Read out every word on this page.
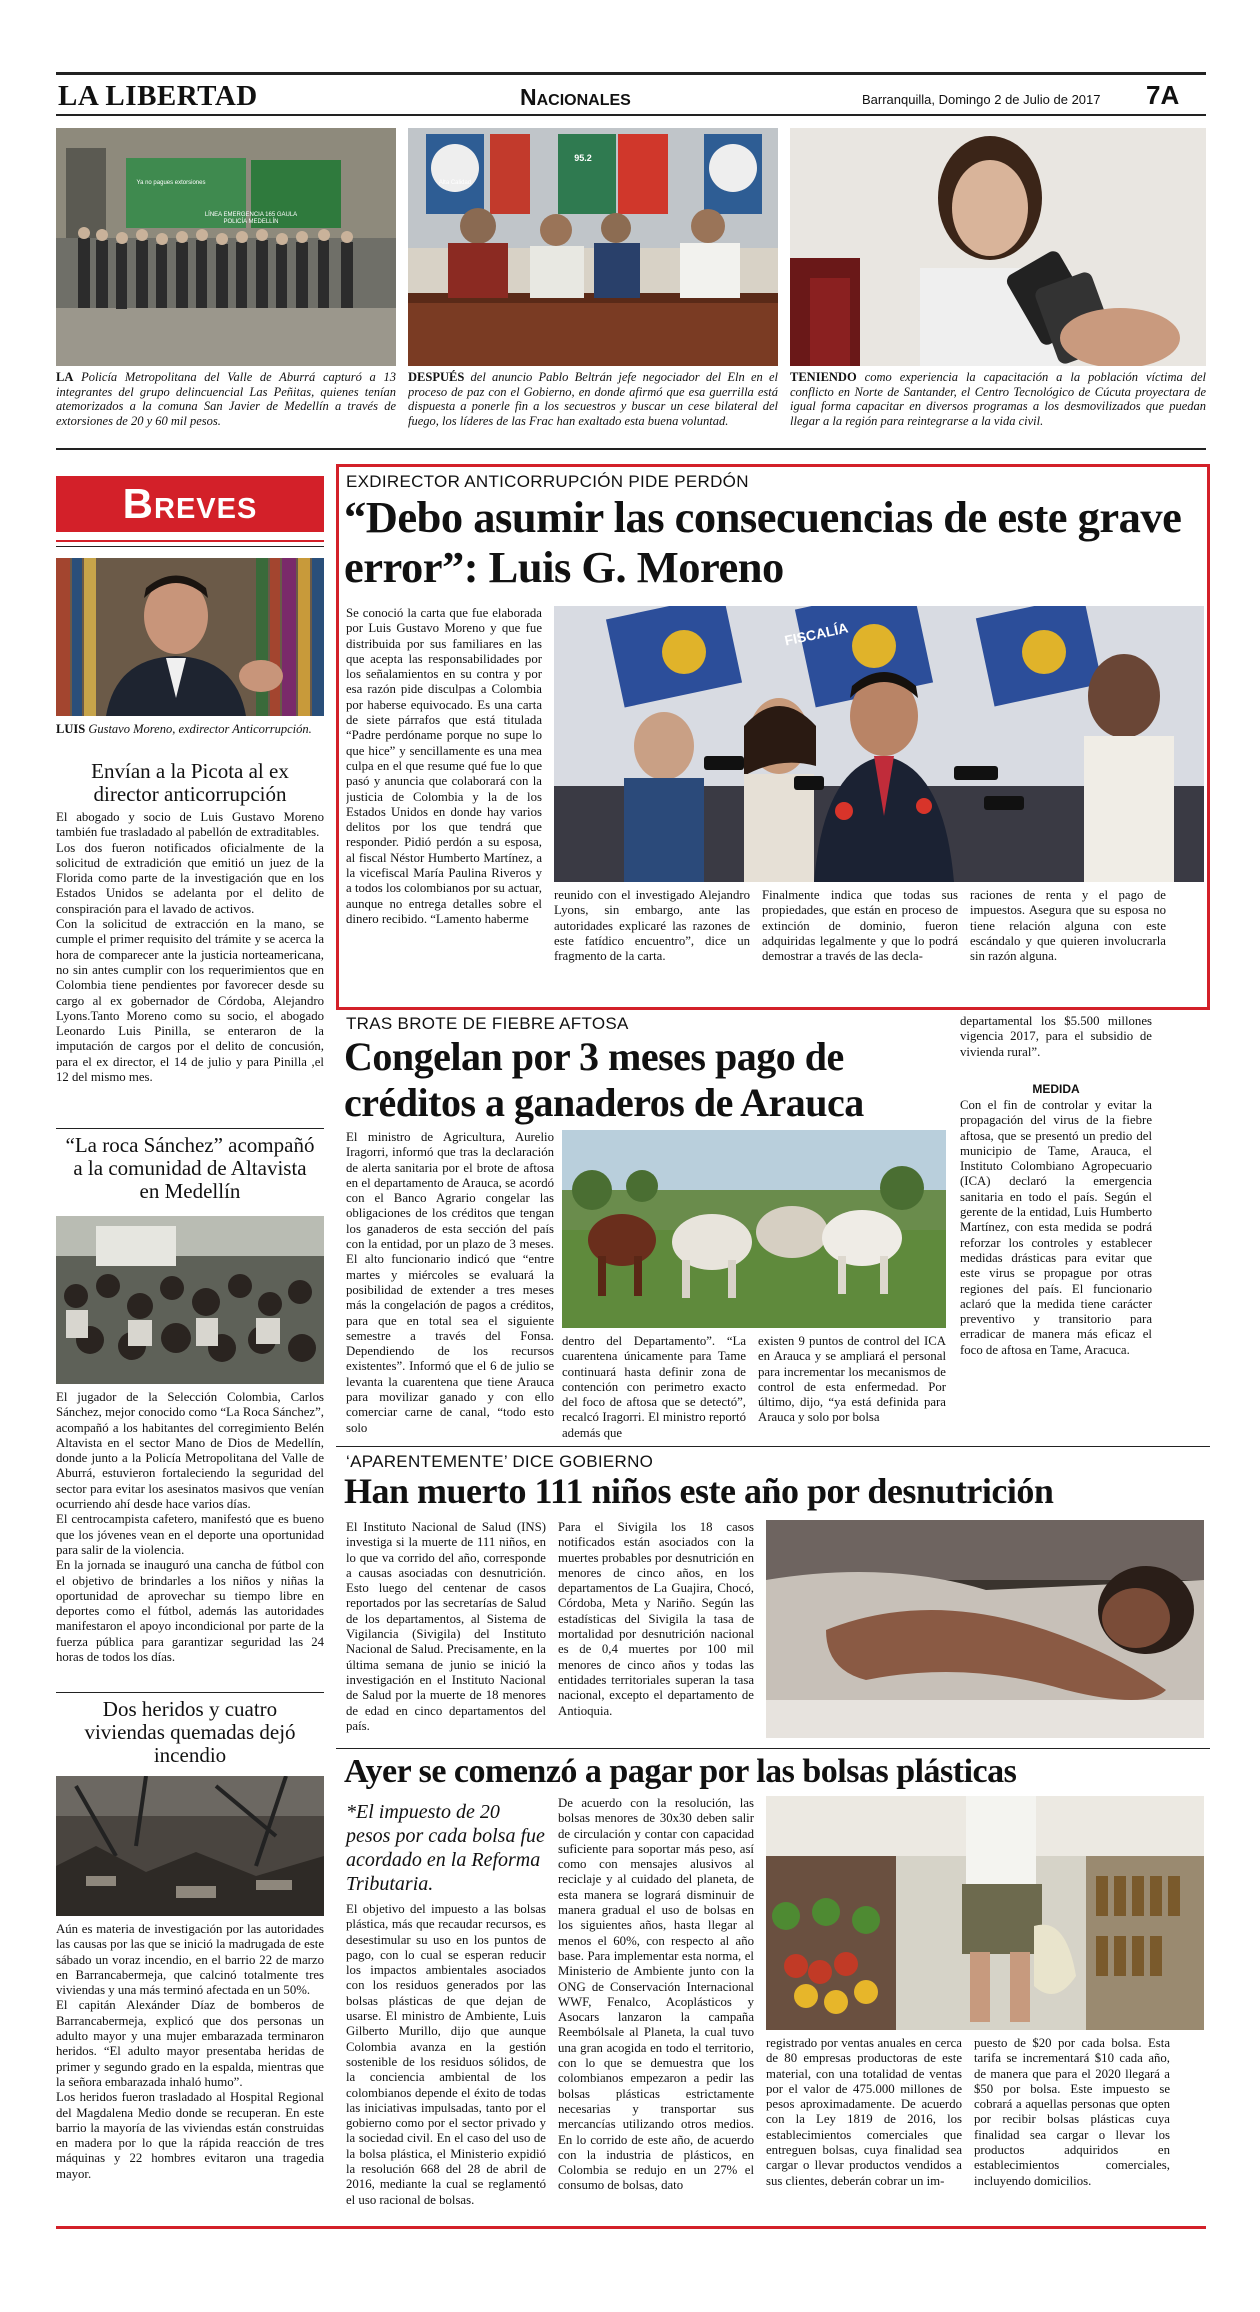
LA LIBERTAD	Nacionales	Barranquilla, Domingo 2 de Julio de 2017 7A
LÍNEA EMERGENCIA 165 GAULA POLICÍA MEDELLÍN
Ya no pagues extorsiones
LA Policía Metropolitana del Valle de Aburrá capturó a 13 integrantes del grupo delincuencial Las Peñitas, quienes tenían atemorizados a la comuna San Javier de Medellín a través de extorsiones de 20 y 60 mil pesos.
Alta Calidad
95.2
DESPUÉS del anuncio Pablo Beltrán jefe negociador del Eln en el proceso de paz con el Gobierno, en donde afirmó que esa guerrilla está dispuesta a ponerle fin a los secuestros y buscar un cese bilateral del fuego, los líderes de las Frac han exaltado esta buena voluntad.
TENIENDO como experiencia la capacitación a la población víctima del conflicto en Norte de Santander, el Centro Tecnológico de Cúcuta proyectara de igual forma capacitar en diversos programas a los desmovilizados que puedan llegar a la región para reintegrarse a la vida civil.
Breves
LUIS Gustavo Moreno, exdirector Anticorrupción.
Envían a la Picota al ex director anticorrupción

El abogado y socio de Luis Gustavo Moreno también fue trasladado al pabellón de extraditables.

Los dos fueron notificados oficialmente de la solicitud de extradición que emitió un juez de la Florida como parte de la investigación que en los Estados Unidos se adelanta por el delito de conspiración para el lavado de activos.

Con la solicitud de extracción en la mano, se cumple el primer requisito del trámite y se acerca la hora de comparecer ante la justicia norteamericana, no sin antes cumplir con los requerimientos que en Colombia tiene pendientes por favorecer desde su cargo al ex gobernador de Córdoba, Alejandro Lyons.Tanto Moreno como su socio, el abogado Leonardo Luis Pinilla, se enteraron de la imputación de cargos por el delito de concusión, para el ex director, el 14 de julio y para Pinilla ,el 12 del mismo mes.

“La roca Sánchez” acompañó a la comunidad de Altavista en Medellín

El jugador de la Selección Colombia, Carlos Sánchez, mejor conocido como “La Roca Sánchez”, acompañó a los habitantes del corregimiento Belén Altavista en el sector Mano de Dios de Medellín, donde junto a la Policía Metropolitana del Valle de Aburrá, estuvieron fortaleciendo la seguridad del sector para evitar los asesinatos masivos que venían ocurriendo ahí desde hace varios días.

El centrocampista cafetero, manifestó que es bueno que los jóvenes vean en el deporte una oportunidad para salir de la violencia.

En la jornada se inauguró una cancha de fútbol con el objetivo de brindarles a los niños y niñas la oportunidad de aprovechar su tiempo libre en deportes como el fútbol, además las autoridades manifestaron el apoyo incondicional por parte de la fuerza pública para garantizar seguridad las 24 horas de todos los días.

Dos heridos y cuatro viviendas quemadas dejó incendio

Aún es materia de investigación por las autoridades las causas por las que se inició la madrugada de este sábado un voraz incendio, en el barrio 22 de marzo en Barrancabermeja, que calcinó totalmente tres viviendas y una más terminó afectada en un 50%.

El capitán Alexánder Díaz de bomberos de Barrancabermeja, explicó que dos personas un adulto mayor y una mujer embarazada terminaron heridos. “El adulto mayor presentaba heridas de primer y segundo grado en la espalda, mientras que la señora embarazada inhaló humo”.

Los heridos fueron trasladado al Hospital Regional del Magdalena Medio donde se recuperan. En este barrio la mayoría de las viviendas están construidas en madera por lo que la rápida reacción de tres máquinas y 22 hombres evitaron una tragedia mayor.

EXDIRECTOR ANTICORRUPCIÓN PIDE PERDÓN
“Debo asumir las consecuencias de este grave error”: Luis G. Moreno
Se conoció la carta que fue elaborada por Luis Gustavo Moreno y que fue distribuida por sus familiares en las que acepta las responsabilidades por los señalamientos en su contra y por esa razón pide disculpas a Colombia por haberse equivocado. Es una carta de siete párrafos que está titulada “Padre perdóname porque no supe lo que hice” y sencillamente es una mea culpa en el que resume qué fue lo que pasó y anuncia que colaborará con la justicia de Colombia y la de los Estados Unidos en donde hay varios delitos por los que tendrá que responder. Pidió perdón a su esposa, al fiscal Néstor Humberto Martínez, a la vicefiscal María Paulina Riveros y a todos los colombianos por su actuar, aunque no entrega detalles sobre el dinero recibido. “Lamento haberme
FISCALÍA
reunido con el investigado Alejandro Lyons, sin embargo, ante las autoridades explicaré las razones de este fatídico encuentro”, dice un fragmento de la carta.
Finalmente indica que todas sus propiedades, que están en proceso de extinción de dominio, fueron adquiridas legalmente y que lo podrá demostrar a través de las decla-
raciones de renta y el pago de impuestos. Asegura que su esposa no tiene relación alguna con este escándalo y que quieren involucrarla sin razón alguna.
TRAS BROTE DE FIEBRE AFTOSA
Congelan por 3 meses pago de créditos a ganaderos de Arauca
El ministro de Agricultura, Aurelio Iragorri, informó que tras la declaración de alerta sanitaria por el brote de aftosa en el departamento de Arauca, se acordó con el Banco Agrario congelar las obligaciones de los créditos que tengan los ganaderos de esta sección del país con la entidad, por un plazo de 3 meses. El alto funcionario indicó que “entre martes y miércoles se evaluará la posibilidad de extender a tres meses más la congelación de pagos a créditos, para que en total sea el siguiente semestre a través del Fonsa. Dependiendo de los recursos existentes”. Informó que el 6 de julio se levanta la cuarentena que tiene Arauca para movilizar ganado y con ello comerciar carne de canal, “todo esto solo
dentro del Departamento”. “La cuarentena únicamente para Tame continuará hasta definir zona de contención con perimetro exacto del foco de aftosa que se detectó”, recalcó Iragorri. El ministro reportó además que
existen 9 puntos de control del ICA en Arauca y se ampliará el personal para incrementar los mecanismos de control de esta enfermedad. Por último, dijo, “ya está definida para Arauca y solo por bolsa
departamental los $5.500 millones vigencia 2017, para el subsidio de vivienda rural”.
MEDIDA
Con el fin de controlar y evitar la propagación del virus de la fiebre aftosa, que se presentó un predio del municipio de Tame, Arauca, el Instituto Colombiano Agropecuario (ICA) declaró la emergencia sanitaria en todo el país. Según el gerente de la entidad, Luis Humberto Martínez, con esta medida se podrá reforzar los controles y establecer medidas drásticas para evitar que este virus se propague por otras regiones del país. El funcionario aclaró que la medida tiene carácter preventivo y transitorio para erradicar de manera más eficaz el foco de aftosa en Tame, Aracuca.
‘APARENTEMENTE’ DICE GOBIERNO
Han muerto 111 niños este año por desnutrición
El Instituto Nacional de Salud (INS) investiga si la muerte de 111 niños, en lo que va corrido del año, corresponde a causas asociadas con desnutrición. Esto luego del centenar de casos reportados por las secretarías de Salud de los departamentos, al Sistema de Vigilancia (Sivigila) del Instituto Nacional de Salud. Precisamente, en la última semana de junio se inició la investigación en el Instituto Nacional de Salud por la muerte de 18 menores de edad en cinco departamentos del país.
Para el Sivigila los 18 casos notificados están asociados con la muertes probables por desnutrición en menores de cinco años, en los departamentos de La Guajira, Chocó, Córdoba, Meta y Nariño. Según las estadísticas del Sivigila la tasa de mortalidad por desnutrición nacional es de 0,4 muertes por 100 mil menores de cinco años y todas las entidades territoriales superan la tasa nacional, excepto el departamento de Antioquia.
Ayer se comenzó a pagar por las bolsas plásticas
*El impuesto de 20 pesos por cada bolsa fue acordado en la Reforma Tributaria.
El objetivo del impuesto a las bolsas plástica, más que recaudar recursos, es desestimular su uso en los puntos de pago, con lo cual se esperan reducir los impactos ambientales asociados con los residuos generados por las bolsas plásticas de que dejan de usarse. El ministro de Ambiente, Luis Gilberto Murillo, dijo que aunque Colombia avanza en la gestión sostenible de los residuos sólidos, de la conciencia ambiental de los colombianos depende el éxito de todas las iniciativas impulsadas, tanto por el gobierno como por el sector privado y la sociedad civil. En el caso del uso de la bolsa plástica, el Ministerio expidió la resolución 668 del 28 de abril de 2016, mediante la cual se reglamentó el uso racional de bolsas.
De acuerdo con la resolución, las bolsas menores de 30x30 deben salir de circulación y contar con capacidad suficiente para soportar más peso, así como con mensajes alusivos al reciclaje y al cuidado del planeta, de esta manera se logrará disminuir de manera gradual el uso de bolsas en los siguientes años, hasta llegar al menos el 60%, con respecto al año base. Para implementar esta norma, el Ministerio de Ambiente junto con la ONG de Conservación Internacional WWF, Fenalco, Acoplásticos y Asocars lanzaron la campaña Reembólsale al Planeta, la cual tuvo una gran acogida en todo el territorio, con lo que se demuestra que los colombianos empezaron a pedir las bolsas plásticas estrictamente necesarias y transportar sus mercancías utilizando otros medios. En lo corrido de este año, de acuerdo con la industria de plásticos, en Colombia se redujo en un 27% el consumo de bolsas, dato
registrado por ventas anuales en cerca de 80 empresas productoras de este material, con una totalidad de ventas por el valor de 475.000 millones de pesos aproximadamente. De acuerdo con la Ley 1819 de 2016, los establecimientos comerciales que entreguen bolsas, cuya finalidad sea cargar o llevar productos vendidos a sus clientes, deberán cobrar un im-
puesto de $20 por cada bolsa. Esta tarifa se incrementará $10 cada año, de manera que para el 2020 llegará a $50 por bolsa. Este impuesto se cobrará a aquellas personas que opten por recibir bolsas plásticas cuya finalidad sea cargar o llevar los productos adquiridos en establecimientos comerciales, incluyendo domicilios.
